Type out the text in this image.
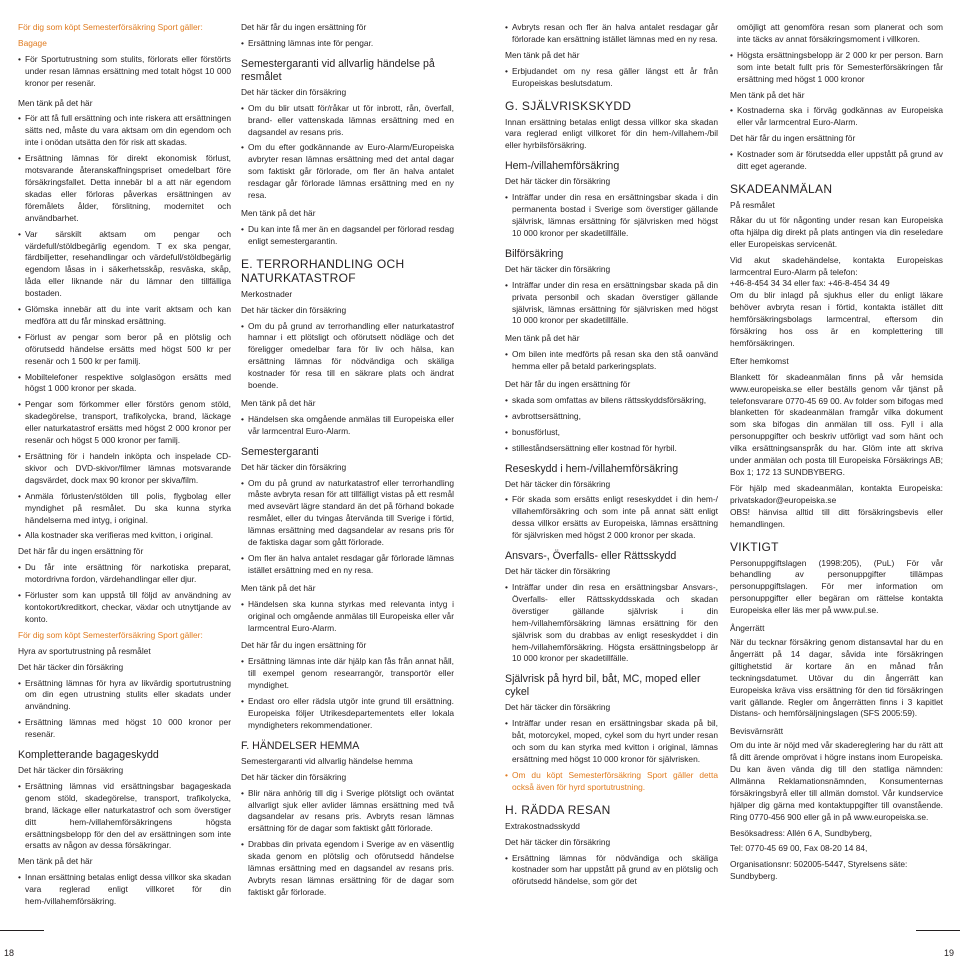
För dig som köpt Semesterförsäkring Sport gäller:

Bagage

• För Sportutrustning som stulits, förlorats eller förstörts under resan lämnas ersättning med totalt högst 10 000 kronor per resenär.

Men tänk på det här

• För att få full ersättning och inte riskera att ersättningen sätts ned, måste du vara aktsam om din egendom och inte i onödan utsätta den för risk att skadas.

• Ersättning lämnas för direkt ekonomisk förlust, motsvarande återanskaffningspriset omedelbart före försäkringsfallet. Detta innebär bl a att när egendom skadas eller förloras påverkas ersättningen av föremålets ålder, förslitning, modernitet och användbarhet.

• Var särskilt aktsam om pengar och värdefull/stöldbegärlig egendom. T ex ska pengar, färdbiljetter, resehandlingar och värdefull/stöldbegärlig egendom låsas in i säkerhetsskåp, resväska, skåp, låda eller liknande när du lämnar den tillfälliga bostaden.

• Glömska innebär att du inte varit aktsam och kan medföra att du får minskad ersättning.

• Förlust av pengar som beror på en plötslig och oförutsedd händelse ersätts med högst 500 kr per resenär och 1 500 kr per familj.

• Mobiltelefoner respektive solglasögon ersätts med högst 1 000 kronor per skada.

• Pengar som förkommer eller förstörs genom stöld, skadegörelse, transport, trafikolycka, brand, läckage eller naturkatastrof ersätts med högst 2 000 kronor per resenär och högst 5 000 kronor per familj.

• Ersättning för i handeln inköpta och inspelade CD-skivor och DVD-skivor/filmer lämnas motsvarande dagsvärdet, dock max 90 kronor per skiva/film.

• Anmäla förlusten/stölden till polis, flygbolag eller myndighet på resmålet. Du ska kunna styrka händelserna med intyg, i original.

• Alla kostnader ska verifieras med kvitton, i original.

Det här får du ingen ersättning för

• Du får inte ersättning för narkotiska preparat, motordrivna fordon, värdehandlingar eller djur.

• Förluster som kan uppstå till följd av användning av kontokort/kreditkort, checkar, växlar och utnyttjande av konto.

För dig som köpt Semesterförsäkring Sport gäller:

Hyra av sportutrustning på resmålet

Det här täcker din försäkring

• Ersättning lämnas för hyra av likvärdig sportutrustning om din egen utrustning stulits eller skadats under användning.

• Ersättning lämnas med högst 10 000 kronor per resenär.

Kompletterande bagageskydd

Det här täcker din försäkring

• Ersättning lämnas vid ersättningsbar bagageskada genom stöld, skadegörelse, transport, trafikolycka, brand, läckage eller naturkatastrof och som överstiger ditt hem-/villahemförsäkringens högsta ersättningsbelopp för den del av ersättningen som inte ersatts av någon av dessa försäkringar.

Men tänk på det här

• Innan ersättning betalas enligt dessa villkor ska skadan vara reglerad enligt villkoret för din hem-/villahemförsäkring.

Det här får du ingen ersättning för

• Ersättning lämnas inte för pengar.

Semestergaranti vid allvarlig händelse på resmålet

Det här täcker din försäkring

• Om du blir utsatt för/råkar ut för inbrott, rån, överfall, brand- eller vattenskada lämnas ersättning med en dagsandel av resans pris.

• Om du efter godkännande av Euro-Alarm/Europeiska avbryter resan lämnas ersättning med det antal dagar som faktiskt går förlorade, om fler än halva antalet resdagar går förlorade lämnas ersättning med en ny resa.

Men tänk på det här

• Du kan inte få mer än en dagsandel per förlorad resdag enligt semestergarantin.

E. TERRORHANDLING OCH NATURKATASTROF

Merkostnader

Det här täcker din försäkring

• Om du på grund av terrorhandling eller naturkatastrof hamnar i ett plötsligt och oförutsett nödläge och det föreligger omedelbar fara för liv och hälsa, kan ersättning lämnas för nödvändiga och skäliga kostnader för resa till en säkrare plats och ändrat boende.

Men tänk på det här

• Händelsen ska omgående anmälas till Europeiska eller vår larmcentral Euro-Alarm.

Semestergaranti

Det här täcker din försäkring

• Om du på grund av naturkatastrof eller terrorhandling måste avbryta resan för att tillfälligt vistas på ett resmål med avsevärt lägre standard än det på förhand bokade resmålet, eller du tvingas återvända till Sverige i förtid, lämnas ersättning med dagsandelar av resans pris för de faktiska dagar som gått förlorade.

• Om fler än halva antalet resdagar går förlorade lämnas istället ersättning med en ny resa.

Men tänk på det här

• Händelsen ska kunna styrkas med relevanta intyg i original och omgående anmälas till Europeiska eller vår larmcentral Euro-Alarm.

Det här får du ingen ersättning för

• Ersättning lämnas inte där hjälp kan fås från annat håll, till exempel genom researrangör, transportör eller myndighet.

• Endast oro eller rädsla utgör inte grund till ersättning. Europeiska följer Utrikesdepartementets eller lokala myndigheters rekommendationer.

F. HÄNDELSER HEMMA

Semestergaranti vid allvarlig händelse hemma

Det här täcker din försäkring

• Blir nära anhörig till dig i Sverige plötsligt och oväntat allvarligt sjuk eller avlider lämnas ersättning med två dagsandelar av resans pris. Avbryts resan lämnas ersättning för de dagar som faktiskt gått förlorade.

• Drabbas din privata egendom i Sverige av en väsentlig skada genom en plötslig och oförutsedd händelse lämnas ersättning med en dagsandel av resans pris. Avbryts resan lämnas ersättning för de dagar som faktiskt går förlorade.

• Avbryts resan och fler än halva antalet resdagar går förlorade kan ersättning istället lämnas med en ny resa.

Men tänk på det här

• Erbjudandet om ny resa gäller längst ett år från Europeiskas beslutsdatum.

G. SJÄLVRISKSKYDD

Innan ersättning betalas enligt dessa villkor ska skadan vara reglerad enligt villkoret för din hem-/villahem-/bil eller hyrbilsförsäkring.

Hem-/villahemförsäkring

Det här täcker din försäkring

• Inträffar under din resa en ersättningsbar skada i din permanenta bostad i Sverige som överstiger gällande självrisk, lämnas ersättning för självrisken med högst 10 000 kronor per skadetillfälle.

Bilförsäkring

Det här täcker din försäkring

• Inträffar under din resa en ersättningsbar skada på din privata personbil och skadan överstiger gällande självrisk, lämnas ersättning för självrisken med högst 10 000 kronor per skadetillfälle.

Men tänk på det här

• Om bilen inte medförts på resan ska den stå oanvänd hemma eller på betald parkeringsplats.

Det här får du ingen ersättning för

• skada som omfattas av bilens rättsskyddsförsäkring,

• avbrottsersättning,

• bonusförlust,

• stilleståndsersättning eller kostnad för hyrbil.

Reseskydd i hem-/villahemförsäkring

Det här täcker din försäkring

• För skada som ersätts enligt reseskyddet i din hem-/ villahemförsäkring och som inte på annat sätt enligt dessa villkor ersätts av Europeiska, lämnas ersättning för självrisken med högst 2 000 kronor per skada.

Ansvars-, Överfalls- eller Rättsskydd

Det här täcker din försäkring

• Inträffar under din resa en ersättningsbar Ansvars-, Överfalls- eller Rättsskyddsskada och skadan överstiger gällande självrisk i din hem-/villahemförsäkring lämnas ersättning för den självrisk som du drabbas av enligt reseskyddet i din hem-/villahemförsäkring. Högsta ersättningsbelopp är 10 000 kronor per skadetillfälle.

Självrisk på hyrd bil, båt, MC, moped eller cykel

Det här täcker din försäkring

• Inträffar under resan en ersättningsbar skada på bil, båt, motorcykel, moped, cykel som du hyrt under resan och som du kan styrka med kvitton i original, lämnas ersättning med högst 10 000 kronor för självrisken.

• Om du köpt Semesterförsäkring Sport gäller detta också även för hyrd sportutrustning.

H. RÄDDA RESAN

Extrakostnadsskydd

Det här täcker din försäkring

• Ersättning lämnas för nödvändiga och skäliga kostnader som har uppstått på grund av en plötslig och oförutsedd händelse, som gör det

omöjligt att genomföra resan som planerat och som inte täcks av annat försäkringsmoment i villkoren.

• Högsta ersättningsbelopp är 2 000 kr per person. Barn som inte betalt fullt pris för Semesterförsäkringen får ersättning med högst 1 000 kronor

Men tänk på det här

• Kostnaderna ska i förväg godkännas av Europeiska eller vår larmcentral Euro-Alarm.

Det här får du ingen ersättning för

• Kostnader som är förutsedda eller uppstått på grund av ditt eget agerande.

SKADEANMÄLAN

På resmålet

Råkar du ut för någonting under resan kan Europeiska ofta hjälpa dig direkt på plats antingen via din reseledare eller Europeiskas servicenät.

Vid akut skadehändelse, kontakta Europeiskas larmcentral Euro-Alarm på telefon:

+46-8-454 34 34 eller fax: +46-8-454 34 49

Om du blir inlagd på sjukhus eller du enligt läkare behöver avbryta resan i förtid, kontakta istället ditt hemförsäkringsbolags larmcentral, eftersom din försäkring hos oss är en komplettering till hemförsäkringen.

Efter hemkomst

Blankett för skadeanmälan finns på vår hemsida www.europeiska.se eller beställs genom vår tjänst på telefonsvarare 0770-45 69 00. Av folder som bifogas med blanketten för skadeanmälan framgår vilka dokument som ska bifogas din anmälan till oss. Fyll i alla personuppgifter och beskriv utförligt vad som hänt och vilka ersättningsanspråk du har. Glöm inte att skriva under anmälan och posta till Europeiska Försäkrings AB; Box 1; 172 13 SUNDBYBERG.

För hjälp med skadeanmälan, kontakta Europeiska: privatskador@europeiska.se

OBS! hänvisa alltid till ditt försäkringsbevis eller hemandlingen.

VIKTIGT

Personuppgiftslagen (1998:205), (PuL) För vår behandling av personuppgifter tillämpas personuppgiftslagen. För mer information om personuppgifter eller begäran om rättelse kontakta Europeiska eller läs mer på www.pul.se.

Ångerrätt

När du tecknar försäkring genom distansavtal har du en ångerrätt på 14 dagar, såvida inte försäkringen giltighetstid är kortare än en månad från teckningsdatumet. Utövar du din ångerrätt kan Europeiska kräva viss ersättning för den tid försäkringen varit gällande. Regler om ångerrätten finns i 3 kapitlet Distans- och hemförsäljningslagen (SFS 2005:59).

Bevisvärnsrätt

Om du inte är nöjd med vår skadereglering har du rätt att få ditt ärende omprövat i högre instans inom Europeiska. Du kan även vända dig till den statliga nämnden: Allmänna Reklamationsnämnden, Konsumenternas försäkringsbyrå eller till allmän domstol. Vår kundservice hjälper dig gärna med kontaktuppgifter till ovanstående. Ring 0770-456 900 eller gå in på www.europeiska.se.

Besöksadress: Allén 6 A, Sundbyberg,

Tel: 0770-45 69 00, Fax 08-20 14 84,

Organisationsnr: 502005-5447, Styrelsens säte: Sundbyberg.

18	19
